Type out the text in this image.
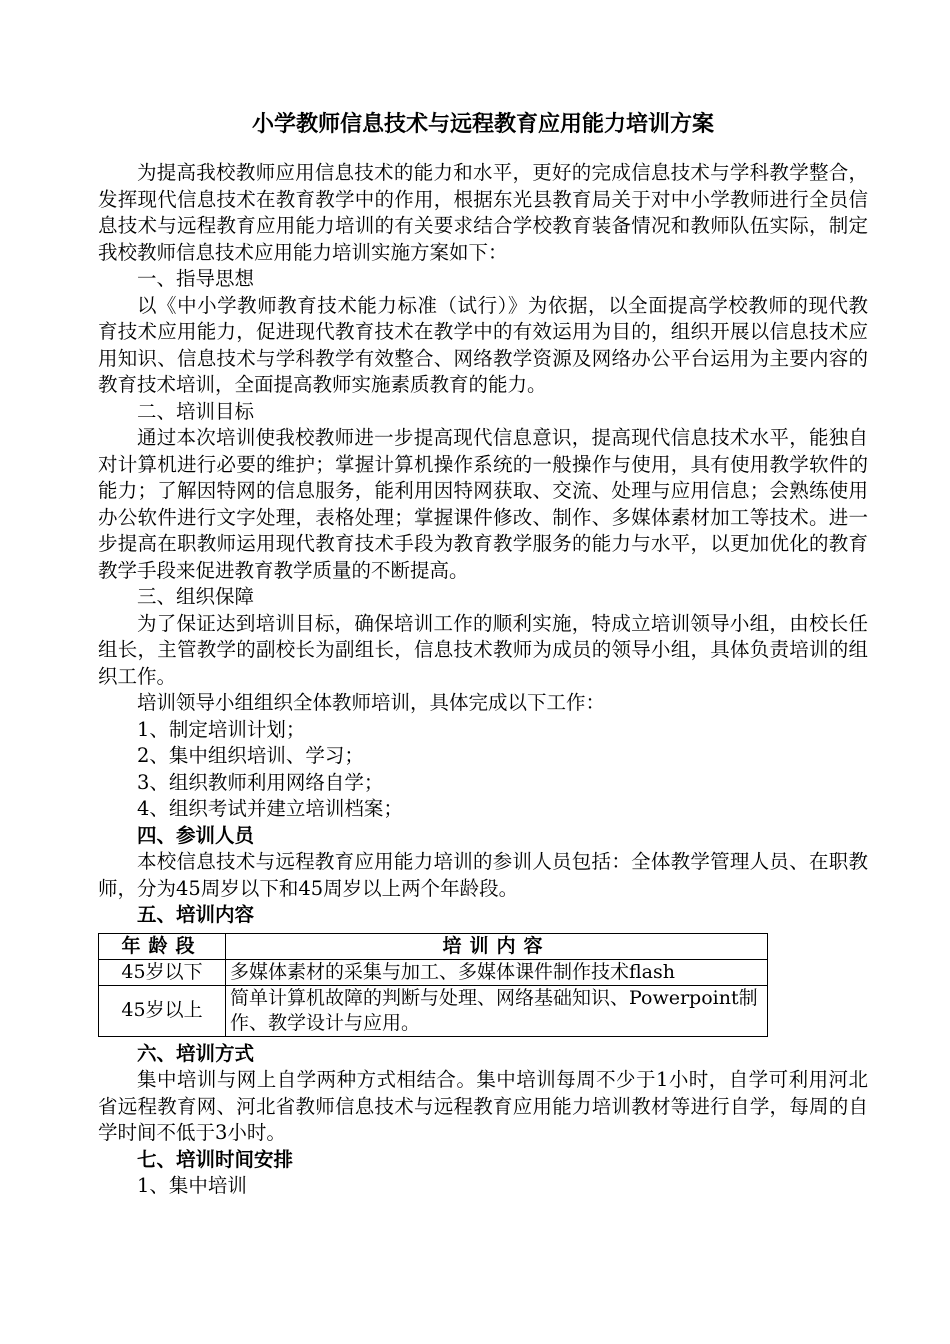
小学教师信息技术与远程教育应用能力培训方案

为提高我校教师应用信息技术的能力和水平，更好的完成信息技术与学科教学整合，发挥现代信息技术在教育教学中的作用，根据东光县教育局关于对中小学教师进行全员信息技术与远程教育应用能力培训的有关要求结合学校教育装备情况和教师队伍实际，制定我校教师信息技术应用能力培训实施方案如下：

一、指导思想

以《中小学教师教育技术能力标准（试行）》为依据，以全面提高学校教师的现代教育技术应用能力，促进现代教育技术在教学中的有效运用为目的，组织开展以信息技术应用知识、信息技术与学科教学有效整合、网络教学资源及网络办公平台运用为主要内容的教育技术培训，全面提高教师实施素质教育的能力。

二、培训目标

通过本次培训使我校教师进一步提高现代信息意识，提高现代信息技术水平，能独自对计算机进行必要的维护；掌握计算机操作系统的一般操作与使用，具有使用教学软件的能力；了解因特网的信息服务，能利用因特网获取、交流、处理与应用信息；会熟练使用办公软件进行文字处理，表格处理；掌握课件修改、制作、多媒体素材加工等技术。进一步提高在职教师运用现代教育技术手段为教育教学服务的能力与水平，以更加优化的教育教学手段来促进教育教学质量的不断提高。

三、组织保障

为了保证达到培训目标，确保培训工作的顺利实施，特成立培训领导小组，由校长任组长，主管教学的副校长为副组长，信息技术教师为成员的领导小组，具体负责培训的组织工作。

培训领导小组组织全体教师培训，具体完成以下工作：

1、制定培训计划；

2、集中组织培训、学习；

3、组织教师利用网络自学；

4、组织考试并建立培训档案；

四、参训人员

本校信息技术与远程教育应用能力培训的参训人员包括：全体教学管理人员、在职教师，分为45周岁以下和45周岁以上两个年龄段。

五、培训内容

年龄段	培训内容
45岁以下	多媒体素材的采集与加工、多媒体课件制作技术flash
45岁以上	简单计算机故障的判断与处理、网络基础知识、Powerpoint制作、教学设计与应用。

六、培训方式

集中培训与网上自学两种方式相结合。集中培训每周不少于1小时，自学可利用河北省远程教育网、河北省教师信息技术与远程教育应用能力培训教材等进行自学，每周的自学时间不低于3小时。

七、培训时间安排

1、集中培训
